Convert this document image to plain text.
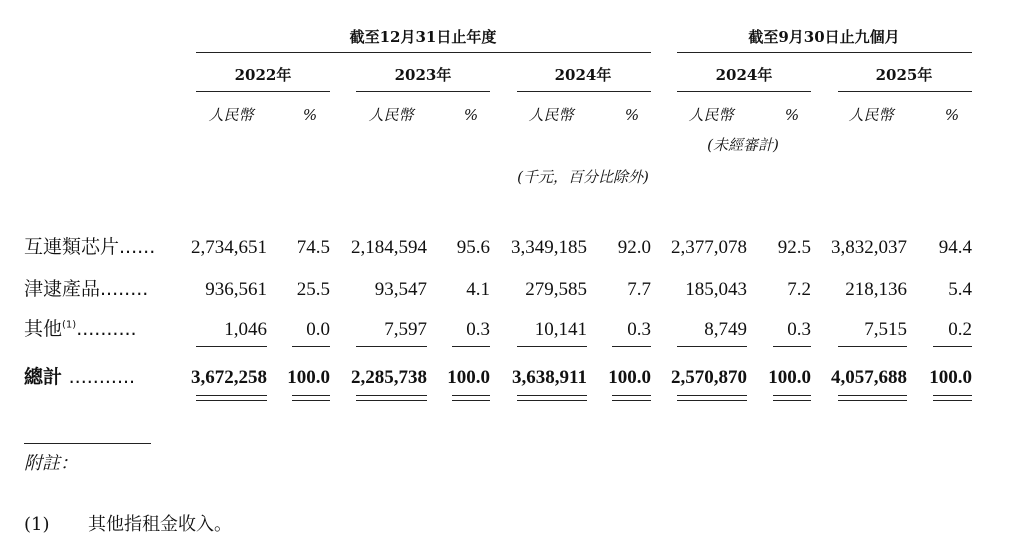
截至12月31日止年度	截至9月30日止九個月
2022年	2023年	2024年	2024年	2025年
人民幣	%	人民幣	%	人民幣	%	人民幣	%	人民幣	%
(未經審計)
(千元，百分比除外)
互連類芯片...... 2,734,651 74.5 2,184,594 95.6 3,349,185 92.0 2,377,078 92.5 3,832,037 94.4
津逮產品........	936,561 25.5 93,547 4.1 279,585 7.7 185,043 7.2 218,136 5.4
其他$^{(1)}$..........	1,046 0.0	7,597 0.3 10,141 0.3	8,749 0.3	7,515 0.2
總計 ...........	3,672,258 100.0 2,285,738 100.0 3,638,911 100.0 2,570,870 100.0 4,057,688 100.0
附註：
(1) 其他指租金收入。
